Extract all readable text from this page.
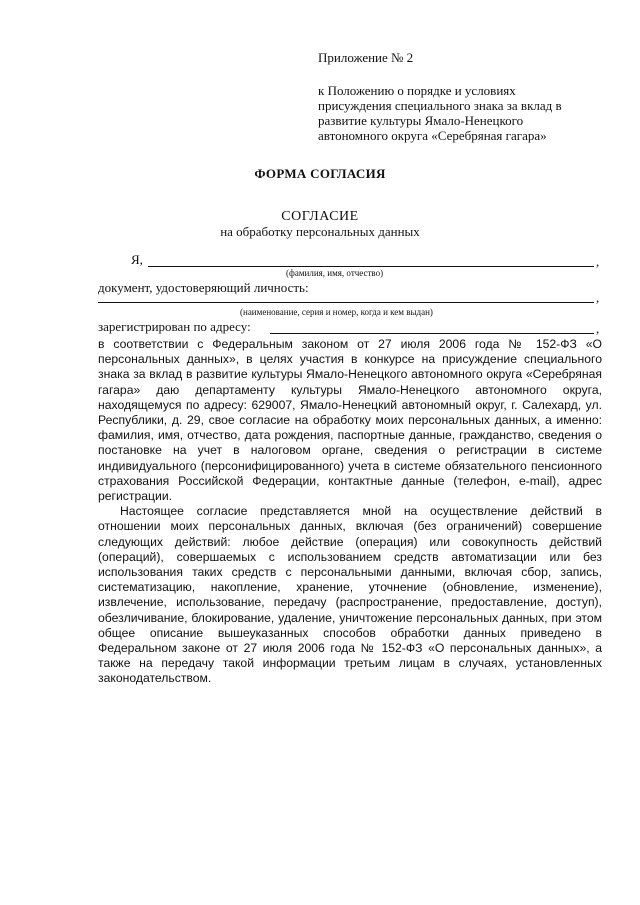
Приложение № 2
к Положению о порядке и условиях
присуждения специального знака за вклад в
развитие культуры Ямало-Ненецкого
автономного округа «Серебряная гагара»
ФОРМА СОГЛАСИЯ
СОГЛАСИЕ
на обработку персональных данных
Я,	,
(фамилия, имя, отчество)
документ, удостоверяющий личность:
,
(наименование, серия и номер, когда и кем выдан)
зарегистрирован по адресу:	,

в соответствии с Федеральным законом от 27 июля 2006 года № 152-ФЗ «О персональных данных», в целях участия в конкурсе на присуждение специального знака за вклад в развитие культуры Ямало-Ненецкого автономного округа «Серебряная гагара» даю департаменту культуры Ямало-Ненецкого автономного округа, находящемуся по адресу: 629007, Ямало-Ненецкий автономный округ, г. Салехард, ул. Республики, д. 29, свое согласие на обработку моих персональных данных, а именно: фамилия, имя, отчество, дата рождения, паспортные данные, гражданство, сведения о постановке на учет в налоговом органе, сведения о регистрации в системе индивидуального (персонифицированного) учета в системе обязательного пенсионного страхования Российской Федерации, контактные данные (телефон, e-mail), адрес регистрации.

Настоящее согласие представляется мной на осуществление действий в отношении моих персональных данных, включая (без ограничений) совершение следующих действий: любое действие (операция) или совокупность действий (операций), совершаемых с использованием средств автоматизации или без использования таких средств с персональными данными, включая сбор, запись, систематизацию, накопление, хранение, уточнение (обновление, изменение), извлечение, использование, передачу (распространение, предоставление, доступ), обезличивание, блокирование, удаление, уничтожение персональных данных, при этом общее описание вышеуказанных способов обработки данных приведено в Федеральном законе от 27 июля 2006 года № 152-ФЗ «О персональных данных», а также на передачу такой информации третьим лицам в случаях, установленных законодательством.
